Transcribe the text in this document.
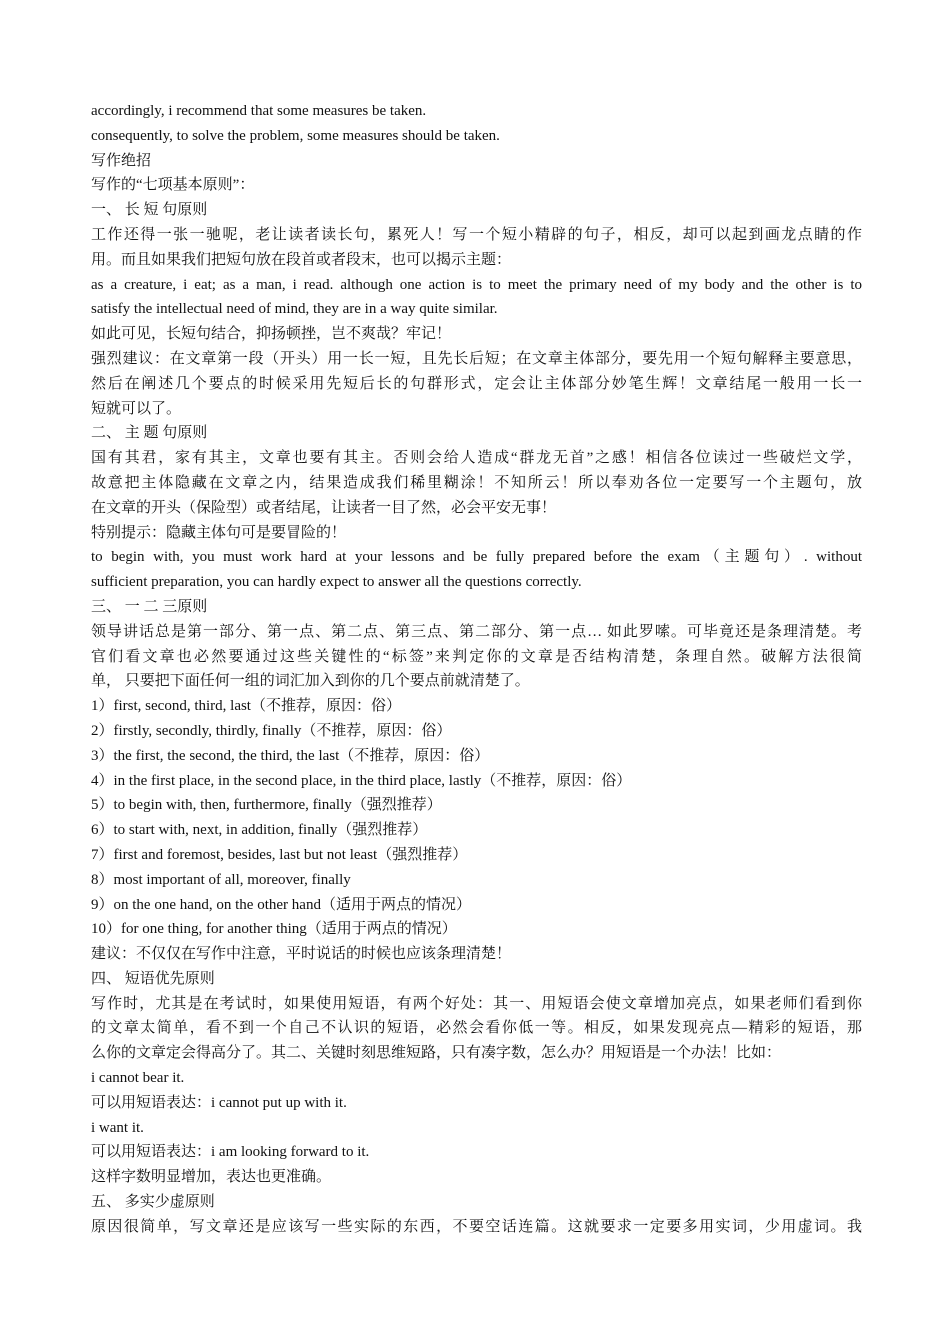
accordingly, i recommend that some measures be taken.
consequently, to solve the problem, some measures should be taken.
写作绝招
写作的“七项基本原则”：
一、 长 短 句原则
工作还得一张一驰呢，老让读者读长句，累死人！写一个短小精辟的句子，相反，却可以起到画龙点睛的作
用。而且如果我们把短句放在段首或者段末，也可以揭示主题：
as a creature, i eat; as a man, i read. although one action is to meet the primary need of my body and the other is to
satisfy the intellectual need of mind, they are in a way quite similar.
如此可见，长短句结合，抑扬顿挫，岂不爽哉？牢记！
强烈建议：在文章第一段（开头）用一长一短，且先长后短；在文章主体部分，要先用一个短句解释主要意思，
然后在阐述几个要点的时候采用先短后长的句群形式，定会让主体部分妙笔生辉！文章结尾一般用一长一
短就可以了。
二、 主 题 句原则
国有其君，家有其主，文章也要有其主。否则会给人造成“群龙无首”之感！相信各位读过一些破烂文学，
故意把主体隐藏在文章之内，结果造成我们稀里糊涂！不知所云！所以奉劝各位一定要写一个主题句，放
在文章的开头（保险型）或者结尾，让读者一目了然，必会平安无事！
特别提示：隐藏主体句可是要冒险的！
to begin with, you must work hard at your lessons and be fully prepared before the exam（主题句）. without
sufficient preparation, you can hardly expect to answer all the questions correctly.
三、 一 二 三原则
领导讲话总是第一部分、第一点、第二点、第三点、第二部分、第一点… 如此罗嗦。可毕竟还是条理清楚。考
官们看文章也必然要通过这些关键性的“标签”来判定你的文章是否结构清楚，条理自然。破解方法很简
单， 只要把下面任何一组的词汇加入到你的几个要点前就清楚了。
1）first, second, third, last（不推荐，原因：俗）
2）firstly, secondly, thirdly, finally（不推荐，原因：俗）
3）the first, the second, the third, the last（不推荐，原因：俗）
4）in the first place, in the second place, in the third place, lastly（不推荐，原因：俗）
5）to begin with, then, furthermore, finally（强烈推荐）
6）to start with, next, in addition, finally（强烈推荐）
7）first and foremost, besides, last but not least（强烈推荐）
8）most important of all, moreover, finally
9）on the one hand, on the other hand（适用于两点的情况）
10）for one thing, for another thing（适用于两点的情况）
建议：不仅仅在写作中注意，平时说话的时候也应该条理清楚！
四、 短语优先原则
写作时，尤其是在考试时，如果使用短语，有两个好处：其一、用短语会使文章增加亮点，如果老师们看到你
的文章太简单，看不到一个自己不认识的短语，必然会看你低一等。相反，如果发现亮点—精彩的短语，那
么你的文章定会得高分了。其二、关键时刻思维短路，只有凑字数，怎么办？用短语是一个办法！比如：
i cannot bear it.
可以用短语表达：i cannot put up with it.
i want it.
可以用短语表达：i am looking forward to it.
这样字数明显增加，表达也更准确。
五、 多实少虚原则
原因很简单，写文章还是应该写一些实际的东西，不要空话连篇。这就要求一定要多用实词，少用虚词。我
